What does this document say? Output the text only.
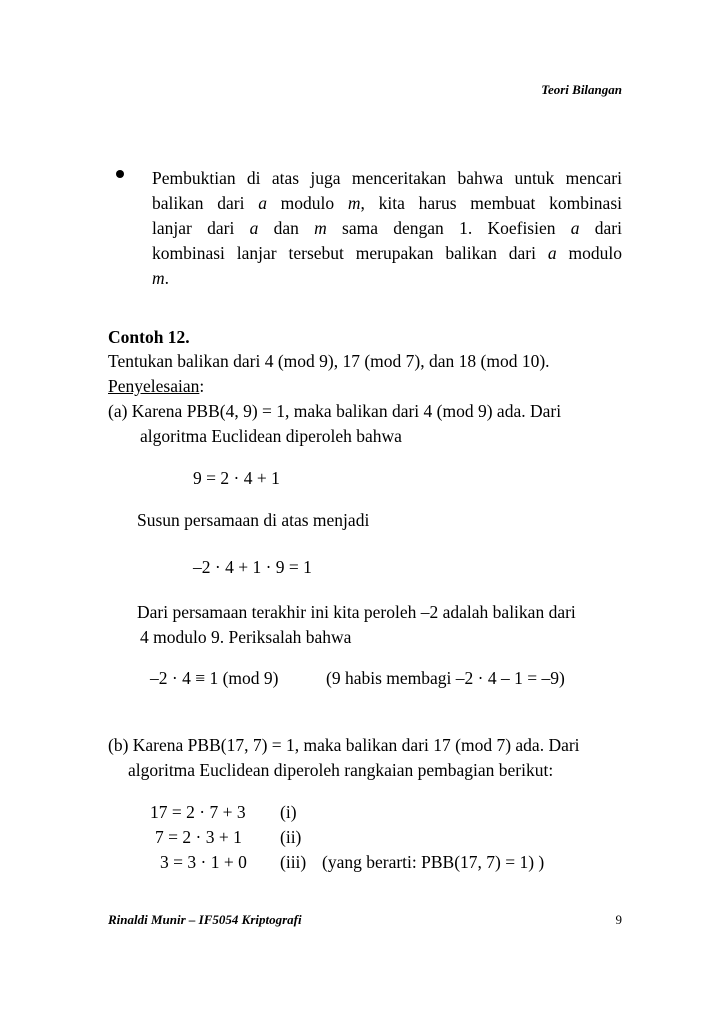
Teori Bilangan
Pembuktian di atas juga menceritakan bahwa untuk mencari
balikan dari a modulo m, kita harus membuat kombinasi
lanjar dari a dan m sama dengan 1. Koefisien a dari
kombinasi lanjar tersebut merupakan balikan dari a modulo
m.
Contoh 12.
Tentukan balikan dari 4 (mod 9), 17 (mod 7), dan 18 (mod 10).
Penyelesaian:
(a) Karena PBB(4, 9) = 1, maka balikan dari 4 (mod 9) ada. Dari
algoritma Euclidean diperoleh bahwa
9 = 2 · 4 + 1
Susun persamaan di atas menjadi
–2 · 4 + 1 · 9 = 1
Dari persamaan terakhir ini kita peroleh –2 adalah balikan dari
4 modulo 9. Periksalah bahwa
–2 · 4 ≡ 1 (mod 9)	(9 habis membagi –2 · 4 – 1 = –9)
(b) Karena PBB(17, 7) = 1, maka balikan dari 17 (mod 7) ada. Dari
algoritma Euclidean diperoleh rangkaian pembagian berikut:
17 = 2 · 7 + 3 (i)
7 = 2 · 3 + 1 (ii)
3 = 3 · 1 + 0 (iii) (yang berarti: PBB(17, 7) = 1) )
Rinaldi Munir – IF5054 Kriptografi	9
